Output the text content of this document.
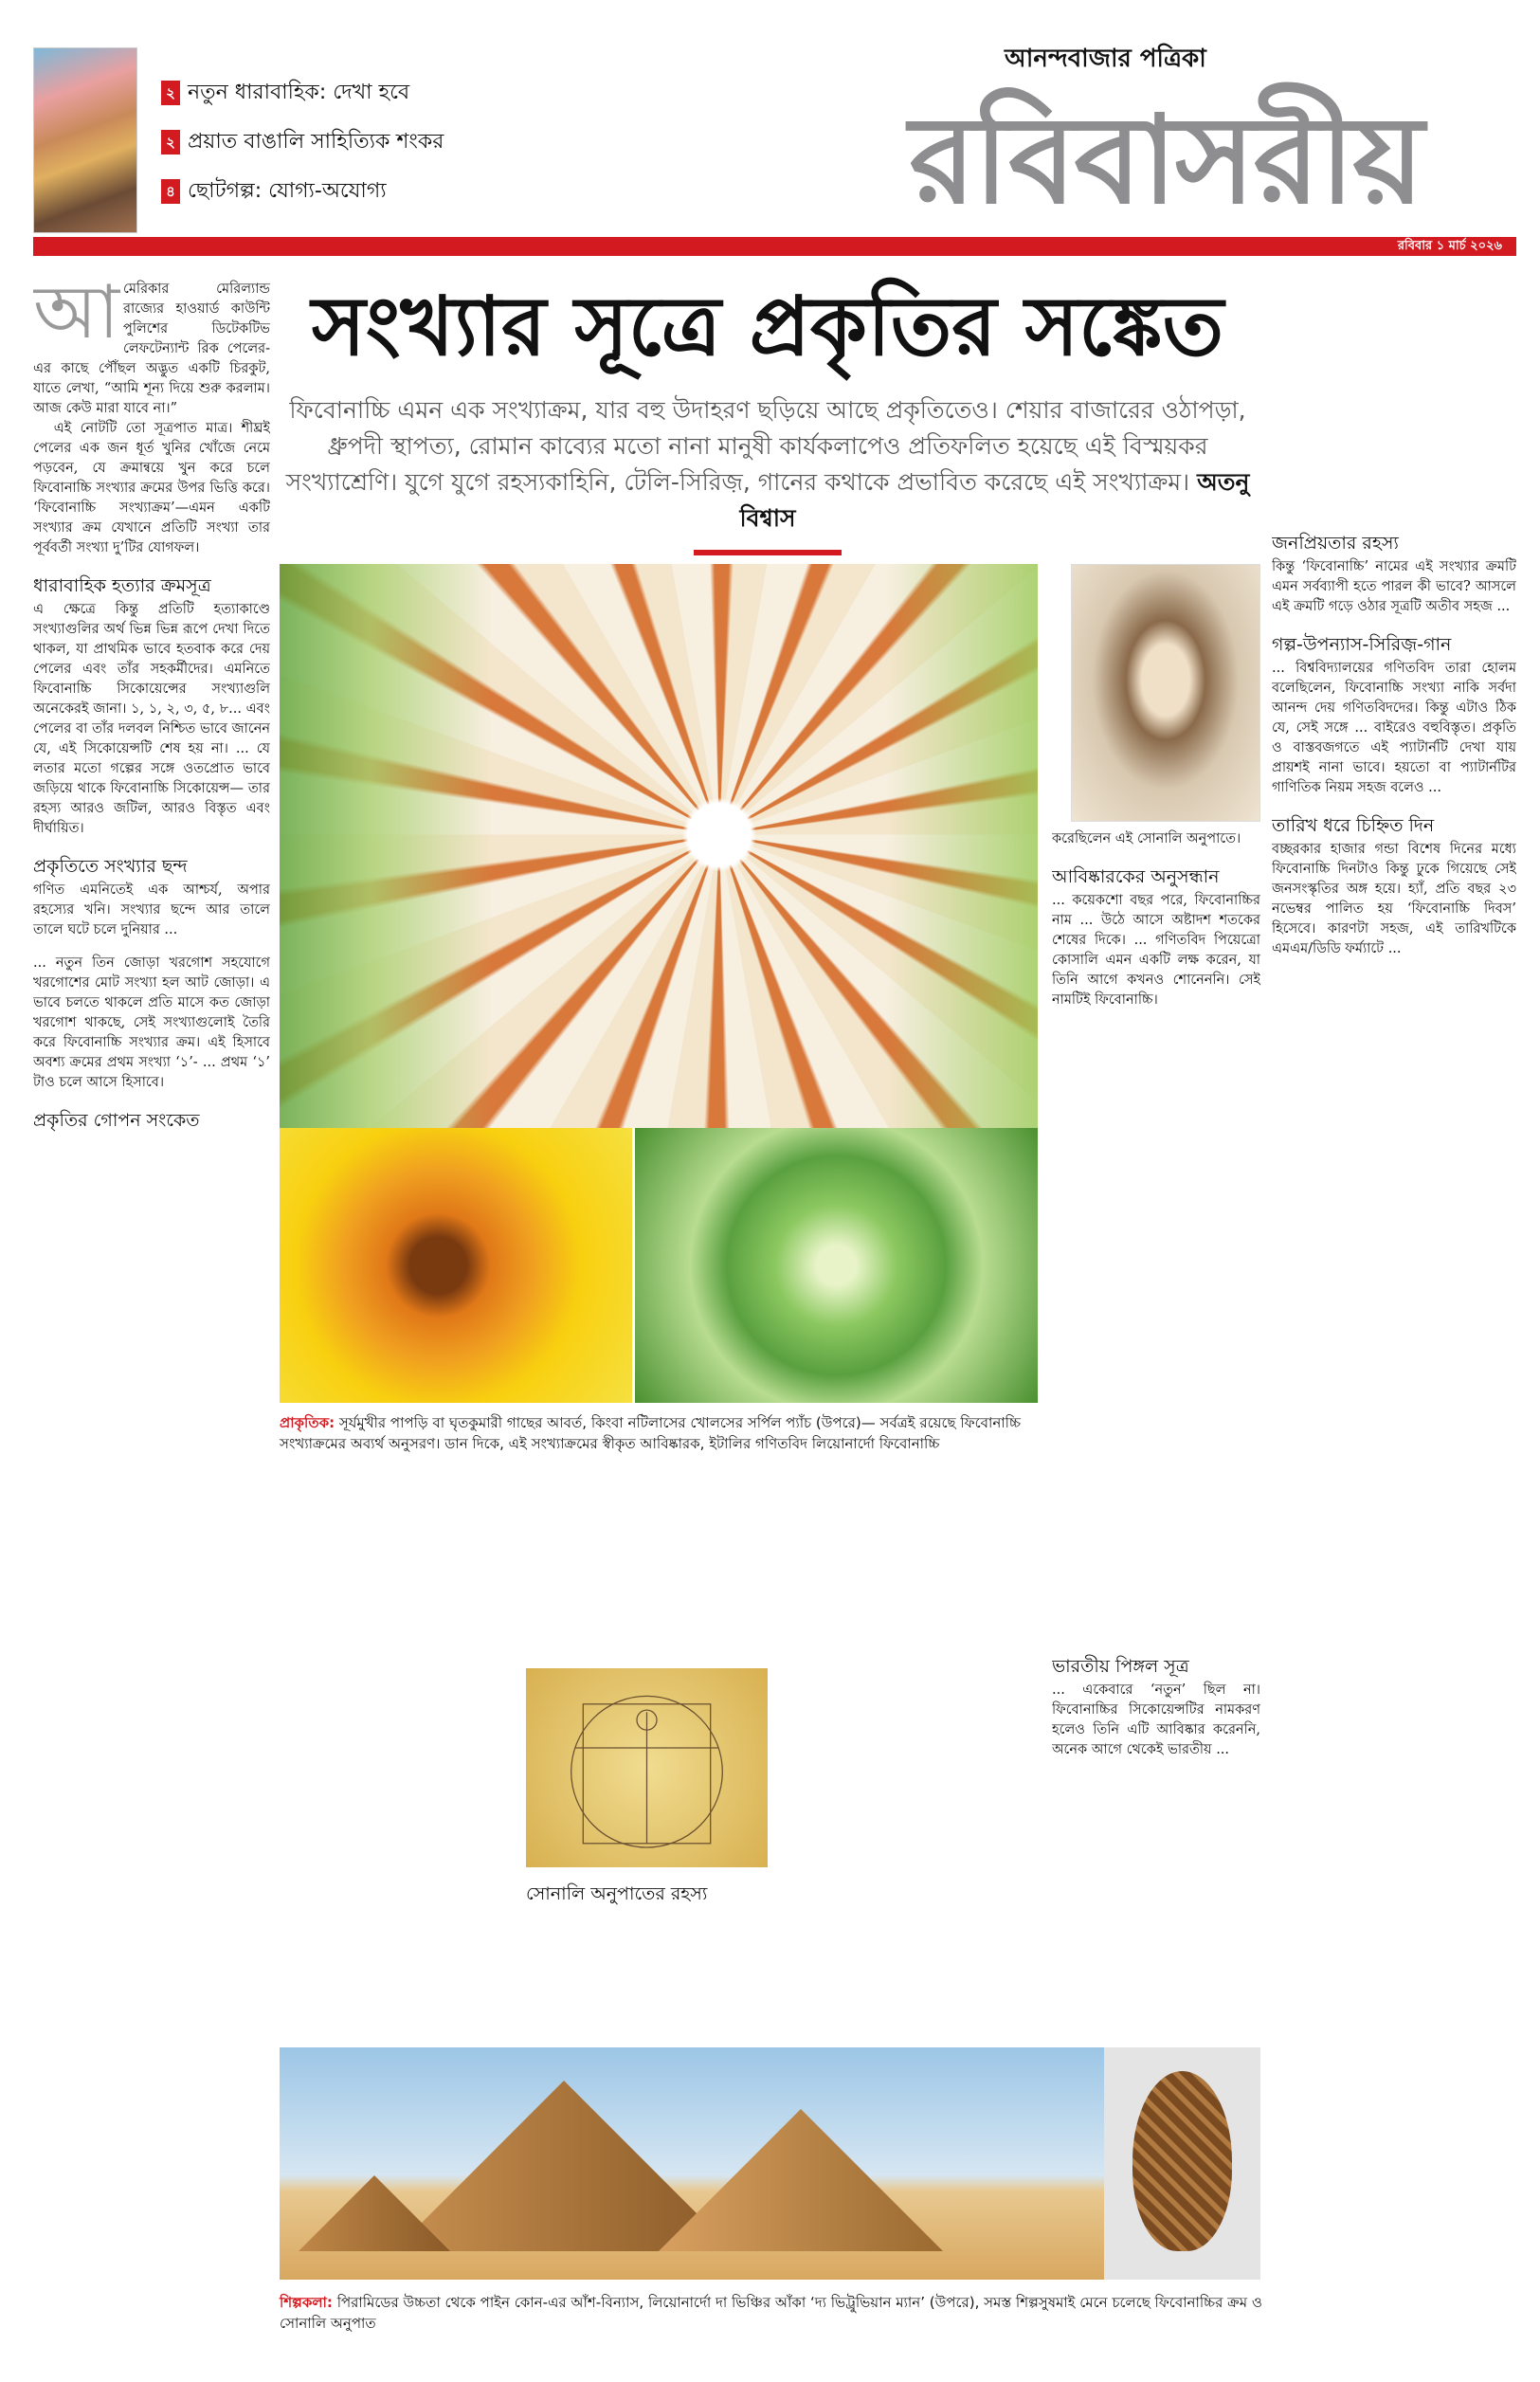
২ নতুন ধারাবাহিক: দেখা হবে
২ প্রয়াত বাঙালি সাহিত্যিক শংকর
৪ ছোটগল্প: যোগ্য-অযোগ্য
আনন্দবাজার পত্রিকা
রবিবাসরীয়
রবিবার ১ মার্চ ২০২৬
সংখ্যার সূত্রে প্রকৃতির সঙ্কেত
ফিবোনাচ্চি এমন এক সংখ্যাক্রম, যার বহু উদাহরণ ছড়িয়ে আছে প্রকৃতিতেও। শেয়ার বাজারের ওঠাপড়া, ধ্রুপদী স্থাপত্য, রোমান কাব্যের মতো নানা মানুষী কার্যকলাপেও প্রতিফলিত হয়েছে এই বিস্ময়কর সংখ্যাশ্রেণি। যুগে যুগে রহস্যকাহিনি, টেলি-সিরিজ়, গানের কথাকে প্রভাবিত করেছে এই সংখ্যাক্রম। অতনু বিশ্বাস
আ মেরিকার মেরিল্যান্ড রাজ্যের হাওয়ার্ড কাউন্টি পুলিশের ডিটেকটিভ লেফটেন্যান্ট রিক পেলের-এর কাছে পৌঁছল অদ্ভুত একটি চিরকুট, যাতে লেখা, “আমি শূন্য দিয়ে শুরু করলাম। আজ কেউ মারা যাবে না।”

এই নোটটি তো সূত্রপাত মাত্র। শীঘ্রই পেলের এক জন ধূর্ত খুনির খোঁজে নেমে পড়বেন, যে ক্রমান্বয়ে খুন করে চলে ফিবোনাচ্চি সংখ্যার ক্রমের উপর ভিত্তি করে। ‘ফিবোনাচ্চি সংখ্যাক্রম’—এমন একটি সংখ্যার ক্রম যেখানে প্রতিটি সংখ্যা তার পূর্ববর্তী সংখ্যা দু’টির যোগফল।

ধারাবাহিক হত্যার ক্রমসূত্র
এ ক্ষেত্রে কিন্তু প্রতিটি হত্যাকাণ্ডে সংখ্যাগুলির অর্থ ভিন্ন ভিন্ন রূপে দেখা দিতে থাকল, যা প্রাথমিক ভাবে হতবাক করে দেয় পেলের এবং তাঁর সহকর্মীদের। এমনিতে ফিবোনাচ্চি সিকোয়েন্সের সংখ্যাগুলি অনেকেরই জানা। ১, ১, ২, ৩, ৫, ৮... এবং পেলের বা তাঁর দলবল নিশ্চিত ভাবে জানেন যে, এই সিকোয়েন্সটি শেষ হয় না। ... যে লতার মতো গল্পের সঙ্গে ওতপ্রোত ভাবে জড়িয়ে থাকে ফিবোনাচ্চি সিকোয়েন্স— তার রহস্য আরও জটিল, আরও বিস্তৃত এবং দীর্ঘায়িত।
প্রকৃতিতে সংখ্যার ছন্দ
গণিত এমনিতেই এক আশ্চর্য, অপার রহস্যের খনি। সংখ্যার ছন্দে আর তালে তালে ঘটে চলে দুনিয়ার ...
... নতুন তিন জোড়া খরগোশ সহযোগে খরগোশের মোট সংখ্যা হল আট জোড়া। এ ভাবে চলতে থাকলে প্রতি মাসে কত জোড়া খরগোশ থাকছে, সেই সংখ্যাগুলোই তৈরি করে ফিবোনাচ্চি সংখ্যার ক্রম। এই হিসাবে অবশ্য ক্রমের প্রথম সংখ্যা ‘১’- ... প্রথম ‘১’ টাও চলে আসে হিসাবে।
প্রকৃতির গোপন সংকেত
প্রাকৃতিক: সূর্যমুখীর পাপড়ি বা ঘৃতকুমারী গাছের আবর্ত, কিংবা নটিলাসের খোলসের সর্পিল প্যাঁচ (উপরে)— সর্বত্রই রয়েছে ফিবোনাচ্চি সংখ্যাক্রমের অব্যর্থ অনুসরণ। ডান দিকে, এই সংখ্যাক্রমের স্বীকৃত আবিষ্কারক, ইটালির গণিতবিদ লিয়োনার্দো ফিবোনাচ্চি
করেছিলেন এই সোনালি অনুপাতে।
আবিষ্কারকের অনুসন্ধান
... কয়েকশো বছর পরে, ফিবোনাচ্চির নাম ... উঠে আসে অষ্টাদশ শতকের শেষের দিকে। ... গণিতবিদ পিয়েত্রো কোসালি এমন একটি লক্ষ করেন, যা তিনি আগে কখনও শোনেননি। সেই নামটিই ফিবোনাচ্চি।
সোনালি অনুপাতের রহস্য
ভারতীয় পিঙ্গল সূত্র
... একেবারে ‘নতুন’ ছিল না। ফিবোনাচ্চির সিকোয়েন্সটির নামকরণ হলেও তিনি এটি আবিষ্কার করেননি, অনেক আগে থেকেই ভারতীয় ...
শিল্পকলা: পিরামিডের উচ্চতা থেকে পাইন কোন-এর আঁশ-বিন্যাস, লিয়োনার্দো দা ভিঞ্চির আঁকা ‘দ্য ভিট্রুভিয়ান ম্যান’ (উপরে), সমস্ত শিল্পসুষমাই মেনে চলেছে ফিবোনাচ্চির ক্রম ও সোনালি অনুপাত
জনপ্রিয়তার রহস্য
কিন্তু ‘ফিবোনাচ্চি’ নামের এই সংখ্যার ক্রমটি এমন সর্বব্যাপী হতে পারল কী ভাবে? আসলে এই ক্রমটি গড়ে ওঠার সূত্রটি অতীব সহজ ...
গল্প-উপন্যাস-সিরিজ়-গান
... বিশ্ববিদ্যালয়ের গণিতবিদ তারা হোলম বলেছিলেন, ফিবোনাচ্চি সংখ্যা নাকি সর্বদা আনন্দ দেয় গণিতবিদদের। কিন্তু এটাও ঠিক যে, সেই সঙ্গে ... বাইরেও বহুবিস্তৃত। প্রকৃতি ও বাস্তবজগতে এই প্যাটার্নটি দেখা যায় প্রায়শই নানা ভাবে। হয়তো বা প্যাটার্নটির গাণিতিক নিয়ম সহজ বলেও ...
তারিখ ধরে চিহ্নিত দিন
বচ্ছরকার হাজার গন্ডা বিশেষ দিনের মধ্যে ফিবোনাচ্চি দিনটাও কিন্তু ঢুকে গিয়েছে সেই জনসংস্কৃতির অঙ্গ হয়ে। হ্যাঁ, প্রতি বছর ২৩ নভেম্বর পালিত হয় ‘ফিবোনাচ্চি দিবস’ হিসেবে। কারণটা সহজ, এই তারিখটিকে এমএম/ডিডি ফর্ম্যাটে ...
